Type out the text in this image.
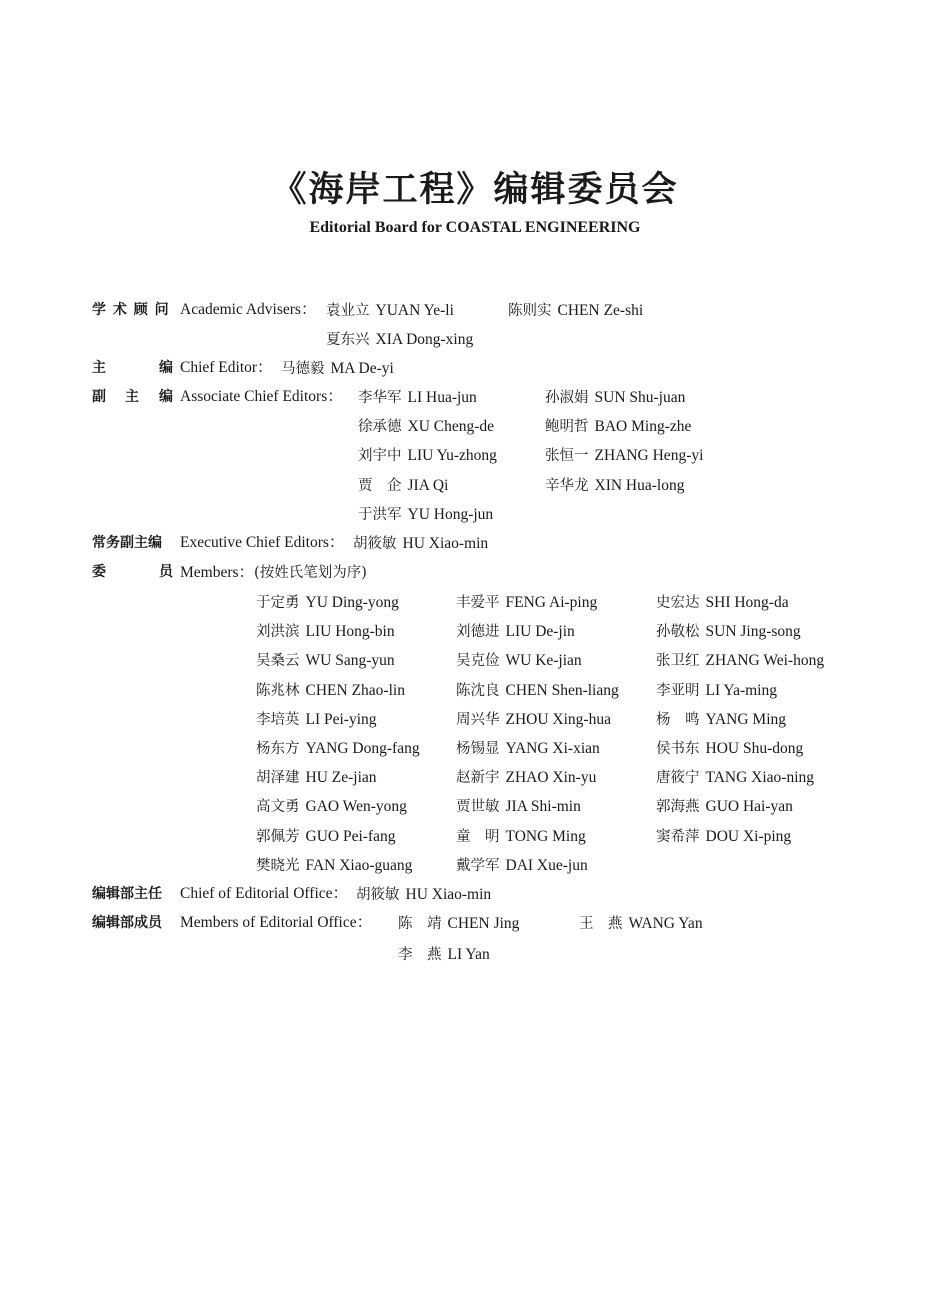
《海岸工程》编辑委员会
Editorial Board for COASTAL ENGINEERING
学 术 顾 问 Academic Advisers： 袁业立 YUAN Ye-li	陈则实 CHEN Ze-shi
夏东兴 XIA Dong-xing
主	编 Chief Editor： 马德毅 MA De-yi
副 主 编 Associate Chief Editors： 李华军 LI Hua-jun	孙淑娟 SUN Shu-juan
徐承德 XU Cheng-de	鲍明哲 BAO Ming-zhe
刘宇中 LIU Yu-zhong	张恒一 ZHANG Heng-yi
贾　企 JIA Qi	辛华龙 XIN Hua-long
于洪军 YU Hong-jun
常务副主编 Executive Chief Editors： 胡筱敏 HU Xiao-min
委	员 Members：(按姓氏笔划为序)
编辑部主任 Chief of Editorial Office： 胡筱敏 HU Xiao-min
编辑部成员 Members of Editorial Office： 陈　靖 CHEN Jing	王　燕 WANG Yan
李　燕 LI Yan
于定勇 YU Ding-yong	丰爱平 FENG Ai-ping	史宏达 SHI Hong-da
刘洪滨 LIU Hong-bin	刘德进 LIU De-jin	孙敬松 SUN Jing-song
吴桑云 WU Sang-yun	吴克俭 WU Ke-jian	张卫红 ZHANG Wei-hong
陈兆林 CHEN Zhao-lin	陈沈良 CHEN Shen-liang	李亚明 LI Ya-ming
李培英 LI Pei-ying	周兴华 ZHOU Xing-hua	杨　鸣 YANG Ming
杨东方 YANG Dong-fang	杨锡显 YANG Xi-xian	侯书东 HOU Shu-dong
胡泽建 HU Ze-jian	赵新宇 ZHAO Xin-yu	唐筱宁 TANG Xiao-ning
高文勇 GAO Wen-yong	贾世敏 JIA Shi-min	郭海燕 GUO Hai-yan
郭佩芳 GUO Pei-fang	童　明 TONG Ming	窦希萍 DOU Xi-ping
樊晓光 FAN Xiao-guang	戴学军 DAI Xue-jun
